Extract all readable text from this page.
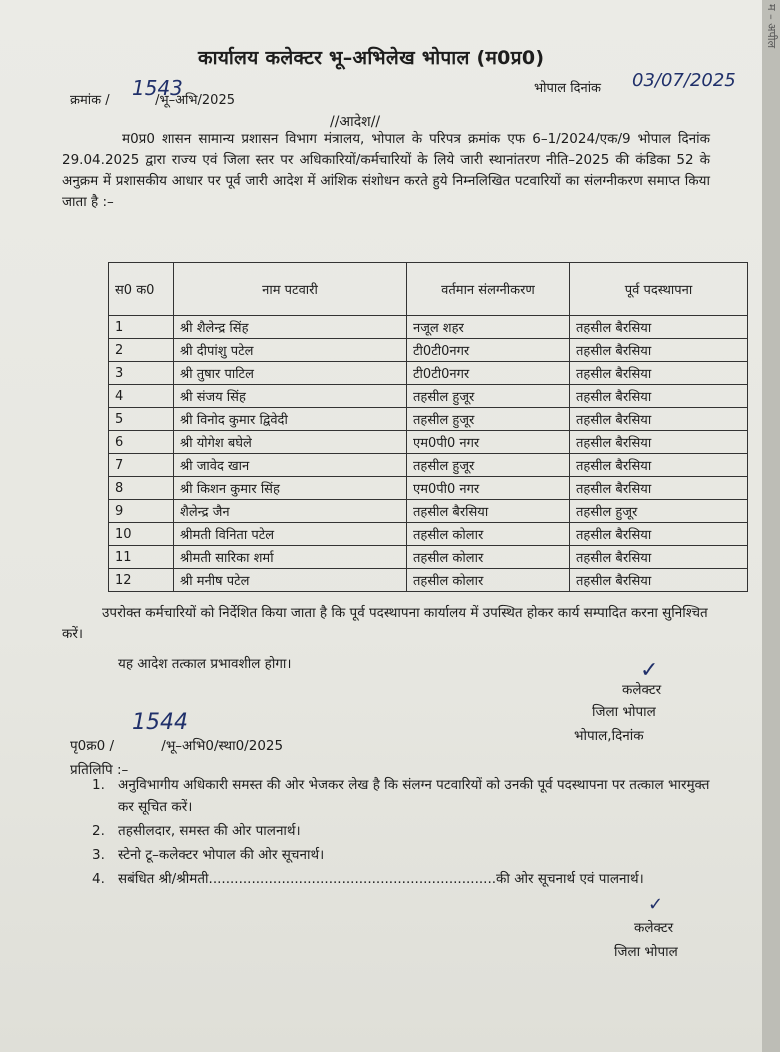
कार्यालय कलेक्टर भू–अभिलेख भोपाल (म0प्र0)
क्रमांक /           /भू–अभि/2025
1543	भोपाल दिनांक 03/07/2025
//आदेश//
म0प्र0 शासन सामान्य प्रशासन विभाग मंत्रालय, भोपाल के परिपत्र क्रमांक एफ 6–1/2024/एक/9 भोपाल दिनांक 29.04.2025 द्वारा राज्य एवं जिला स्तर पर अधिकारियों/कर्मचारियों के लिये जारी स्थानांतरण नीति–2025 की कंडिका 52 के अनुक्रम में प्रशासकीय आधार पर पूर्व जारी आदेश में आंशिक संशोधन करते हुये निम्नलिखित पटवारियों का संलग्नीकरण समाप्त किया जाता है :–
स0 क0	नाम पटवारी	वर्तमान संलग्नीकरण	पूर्व पदस्थापना
1	श्री शैलेन्द्र सिंह	नजूल शहर	तहसील बैरसिया
2	श्री दीपांशु पटेल	टी0टी0नगर	तहसील बैरसिया
3	श्री तुषार पाटिल	टी0टी0नगर	तहसील बैरसिया
4	श्री संजय सिंह	तहसील हुजूर	तहसील बैरसिया
5	श्री विनोद कुमार द्विवेदी	तहसील हुजूर	तहसील बैरसिया
6	श्री योगेश बघेले	एम0पी0 नगर	तहसील बैरसिया
7	श्री जावेद खान	तहसील हुजूर	तहसील बैरसिया
8	श्री किशन कुमार सिंह	एम0पी0 नगर	तहसील बैरसिया
9	शैलेन्द्र जैन	तहसील बैरसिया	तहसील हुजूर
10	श्रीमती विनिता पटेल	तहसील कोलार	तहसील बैरसिया
11	श्रीमती सारिका शर्मा	तहसील कोलार	तहसील बैरसिया
12	श्री मनीष पटेल	तहसील कोलार	तहसील बैरसिया
उपरोक्त कर्मचारियों को निर्देशित किया जाता है कि पूर्व पदस्थापना कार्यालय में उपस्थित होकर कार्य सम्पादित करना सुनिश्चित करें।
यह आदेश तत्काल प्रभावशील होगा।	✓
कलेक्टर
जिला भोपाल
भोपाल,दिनांक
पृ0क्र0 /           /भू–अभि0/स्था0/2025
1544
प्रतिलिपि :–
1. अनुविभागीय अधिकारी समस्त की ओर भेजकर लेख है कि संलग्न पटवारियों को उनकी पूर्व पदस्थापना पर तत्काल भारमुक्त कर सूचित करें।
2. तहसीलदार, समस्त की ओर पालनार्थ।
3. स्टेनो टू–कलेक्टर भोपाल की ओर सूचनार्थ।
4. सबंधित श्री/श्रीमती...................................................................की ओर सूचनार्थ एवं पालनार्थ।
✓
कलेक्टर
जिला भोपाल
म – अपील
